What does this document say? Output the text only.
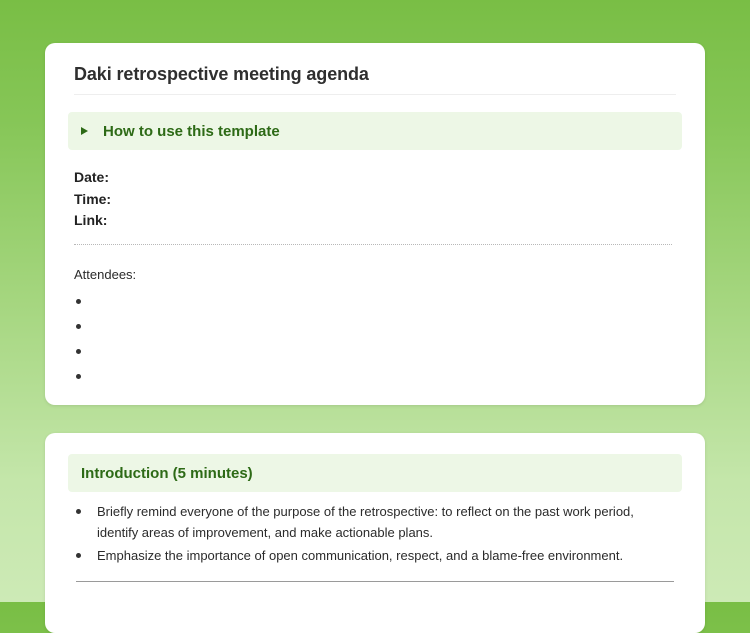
Daki retrospective meeting agenda
How to use this template
Date:
Time:
Link:
Attendees:
Introduction (5 minutes)
Briefly remind everyone of the purpose of the retrospective: to reflect on the past work period, identify areas of improvement, and make actionable plans.
Emphasize the importance of open communication, respect, and a blame-free environment.
